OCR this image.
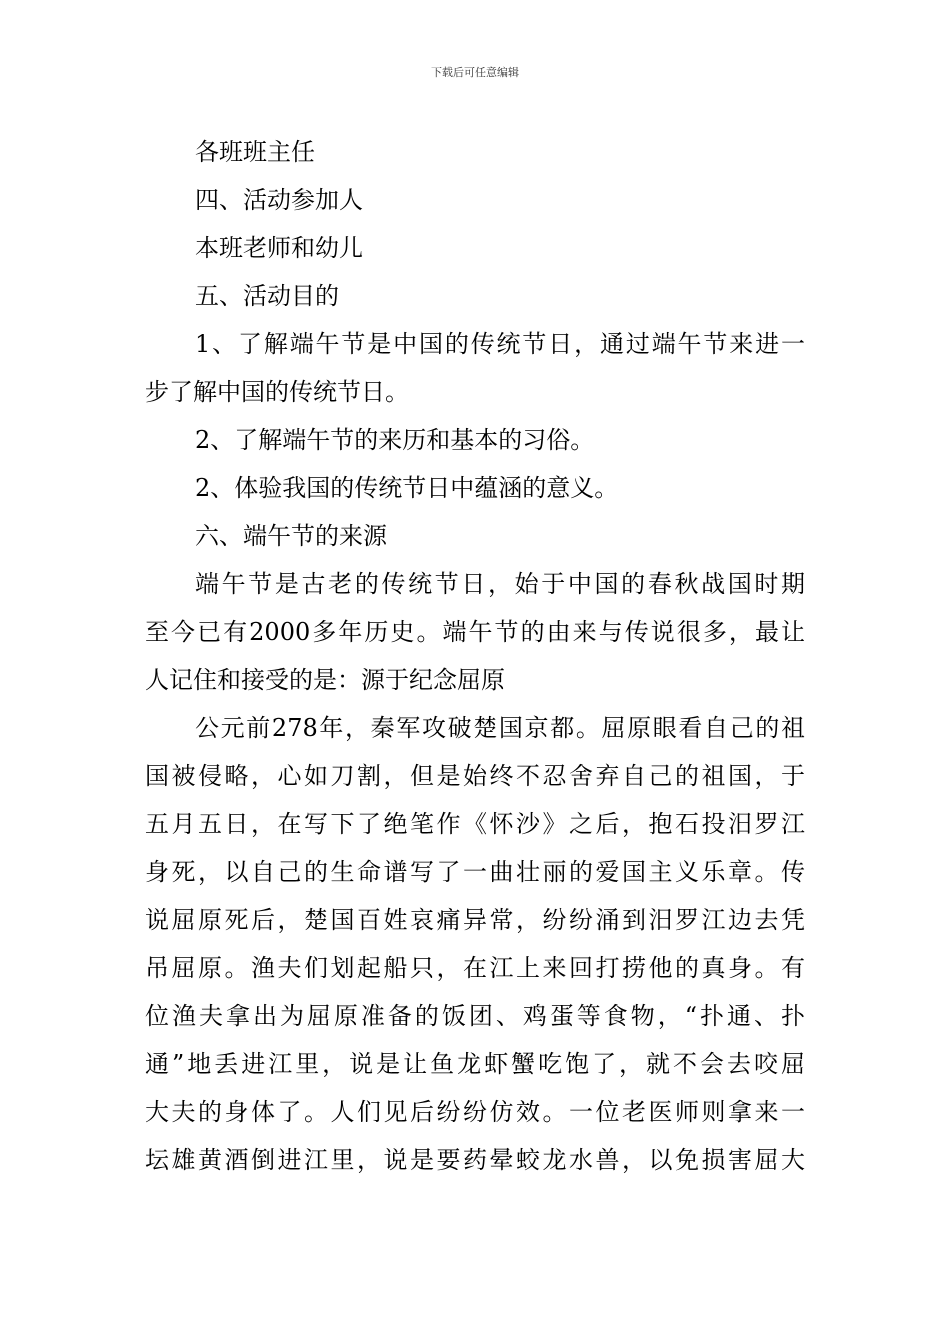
下载后可任意编辑
各班班主任
四、活动参加人
本班老师和幼儿
五、活动目的
1、了解端午节是中国的传统节日，通过端午节来进一
步了解中国的传统节日。
2、了解端午节的来历和基本的习俗。
2、体验我国的传统节日中蕴涵的意义。
六、端午节的来源
端午节是古老的传统节日，始于中国的春秋战国时期
至今已有2000多年历史。端午节的由来与传说很多，最让
人记住和接受的是：源于纪念屈原
公元前278年，秦军攻破楚国京都。屈原眼看自己的祖
国被侵略，心如刀割，但是始终不忍舍弃自己的祖国，于
五月五日，在写下了绝笔作《怀沙》之后，抱石投汨罗江
身死，以自己的生命谱写了一曲壮丽的爱国主义乐章。传
说屈原死后，楚国百姓哀痛异常，纷纷涌到汨罗江边去凭
吊屈原。渔夫们划起船只，在江上来回打捞他的真身。有
位渔夫拿出为屈原准备的饭团、鸡蛋等食物，“扑通、扑
通”地丢进江里，说是让鱼龙虾蟹吃饱了，就不会去咬屈
大夫的身体了。人们见后纷纷仿效。一位老医师则拿来一
坛雄黄酒倒进江里，说是要药晕蛟龙水兽，以免损害屈大
